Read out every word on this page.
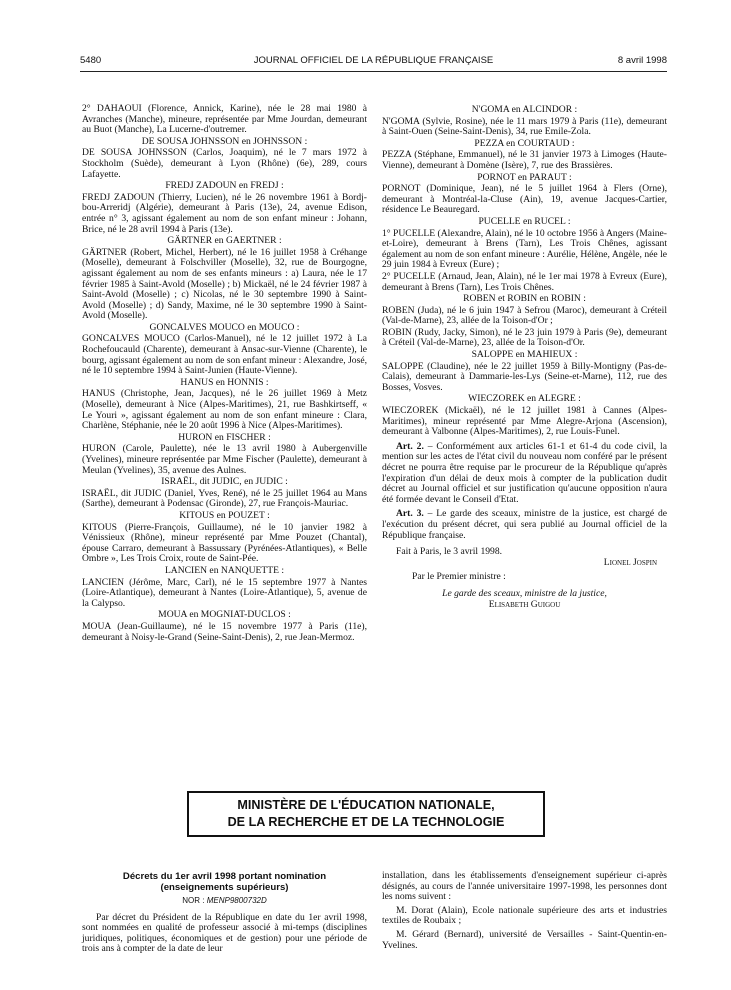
5480	JOURNAL OFFICIEL DE LA RÉPUBLIQUE FRANÇAISE	8 avril 1998

2° DAHAOUI (Florence, Annick, Karine), née le 28 mai 1980 à Avranches (Manche), mineure, représentée par Mme Jourdan, demeurant au Buot (Manche), La Lucerne-d'outremer.

DE SOUSA JOHNSSON en JOHNSSON :

DE SOUSA JOHNSSON (Carlos, Joaquim), né le 7 mars 1972 à Stockholm (Suède), demeurant à Lyon (Rhône) (6e), 289, cours Lafayette.

FREDJ ZADOUN en FREDJ :

FREDJ ZADOUN (Thierry, Lucien), né le 26 novembre 1961 à Bordj-bou-Arreridj (Algérie), demeurant à Paris (13e), 24, avenue Edison, entrée n° 3, agissant également au nom de son enfant mineur : Johann, Brice, né le 28 avril 1994 à Paris (13e).

GÄRTNER en GAERTNER :

GÄRTNER (Robert, Michel, Herbert), né le 16 juillet 1958 à Créhange (Moselle), demeurant à Folschviller (Moselle), 32, rue de Bourgogne, agissant également au nom de ses enfants mineurs : a) Laura, née le 17 février 1985 à Saint-Avold (Moselle) ; b) Mickaël, né le 24 février 1987 à Saint-Avold (Moselle) ; c) Nicolas, né le 30 septembre 1990 à Saint-Avold (Moselle) ; d) Sandy, Maxime, né le 30 septembre 1990 à Saint-Avold (Moselle).

GONCALVES MOUCO en MOUCO :

GONCALVES MOUCO (Carlos-Manuel), né le 12 juillet 1972 à La Rochefoucauld (Charente), demeurant à Ansac-sur-Vienne (Charente), le bourg, agissant également au nom de son enfant mineur : Alexandre, José, né le 10 septembre 1994 à Saint-Junien (Haute-Vienne).

HANUS en HONNIS :

HANUS (Christophe, Jean, Jacques), né le 26 juillet 1969 à Metz (Moselle), demeurant à Nice (Alpes-Maritimes), 21, rue Bashkirtseff, « Le Youri », agissant également au nom de son enfant mineure : Clara, Charlène, Stéphanie, née le 20 août 1996 à Nice (Alpes-Maritimes).

HURON en FISCHER :

HURON (Carole, Paulette), née le 13 avril 1980 à Aubergenville (Yvelines), mineure représentée par Mme Fischer (Paulette), demeurant à Meulan (Yvelines), 35, avenue des Aulnes.

ISRAËL, dit JUDIC, en JUDIC :

ISRAËL, dit JUDIC (Daniel, Yves, René), né le 25 juillet 1964 au Mans (Sarthe), demeurant à Podensac (Gironde), 27, rue François-Mauriac.

KITOUS en POUZET :

KITOUS (Pierre-François, Guillaume), né le 10 janvier 1982 à Vénissieux (Rhône), mineur représenté par Mme Pouzet (Chantal), épouse Carraro, demeurant à Bassussary (Pyrénées-Atlantiques), « Belle Ombre », Les Trois Croix, route de Saint-Pée.

LANCIEN en NANQUETTE :

LANCIEN (Jérôme, Marc, Carl), né le 15 septembre 1977 à Nantes (Loire-Atlantique), demeurant à Nantes (Loire-Atlantique), 5, avenue de la Calypso.

MOUA en MOGNIAT-DUCLOS :

MOUA (Jean-Guillaume), né le 15 novembre 1977 à Paris (11e), demeurant à Noisy-le-Grand (Seine-Saint-Denis), 2, rue Jean-Mermoz.

N'GOMA en ALCINDOR :

N'GOMA (Sylvie, Rosine), née le 11 mars 1979 à Paris (11e), demeurant à Saint-Ouen (Seine-Saint-Denis), 34, rue Emile-Zola.

PEZZA en COURTAUD :

PEZZA (Stéphane, Emmanuel), né le 31 janvier 1973 à Limoges (Haute-Vienne), demeurant à Domène (Isère), 7, rue des Brassières.

PORNOT en PARAUT :

PORNOT (Dominique, Jean), né le 5 juillet 1964 à Flers (Orne), demeurant à Montréal-la-Cluse (Ain), 19, avenue Jacques-Cartier, résidence Le Beauregard.

PUCELLE en RUCEL :

1° PUCELLE (Alexandre, Alain), né le 10 octobre 1956 à Angers (Maine-et-Loire), demeurant à Brens (Tarn), Les Trois Chênes, agissant également au nom de son enfant mineure : Aurélie, Hélène, Angèle, née le 29 juin 1984 à Evreux (Eure) ;

2° PUCELLE (Arnaud, Jean, Alain), né le 1er mai 1978 à Evreux (Eure), demeurant à Brens (Tarn), Les Trois Chênes.

ROBEN et ROBIN en ROBIN :

ROBEN (Juda), né le 6 juin 1947 à Sefrou (Maroc), demeurant à Créteil (Val-de-Marne), 23, allée de la Toison-d'Or ;

ROBIN (Rudy, Jacky, Simon), né le 23 juin 1979 à Paris (9e), demeurant à Créteil (Val-de-Marne), 23, allée de la Toison-d'Or.

SALOPPE en MAHIEUX :

SALOPPE (Claudine), née le 22 juillet 1959 à Billy-Montigny (Pas-de-Calais), demeurant à Dammarie-les-Lys (Seine-et-Marne), 112, rue des Bosses, Vosves.

WIECZOREK en ALEGRE :

WIECZOREK (Mickaël), né le 12 juillet 1981 à Cannes (Alpes-Maritimes), mineur représenté par Mme Alegre-Arjona (Ascension), demeurant à Valbonne (Alpes-Maritimes), 2, rue Louis-Funel.

Art. 2. – Conformément aux articles 61-1 et 61-4 du code civil, la mention sur les actes de l'état civil du nouveau nom conféré par le présent décret ne pourra être requise par le procureur de la République qu'après l'expiration d'un délai de deux mois à compter de la publication dudit décret au Journal officiel et sur justification qu'aucune opposition n'aura été formée devant le Conseil d'Etat.

Art. 3. – Le garde des sceaux, ministre de la justice, est chargé de l'exécution du présent décret, qui sera publié au Journal officiel de la République française.

Fait à Paris, le 3 avril 1998.

Lionel Jospin

Par le Premier ministre :

Le garde des sceaux, ministre de la justice,
Elisabeth Guigou

MINISTÈRE DE L'ÉDUCATION NATIONALE,
DE LA RECHERCHE ET DE LA TECHNOLOGIE
Décrets du 1er avril 1998 portant nomination
(enseignements supérieurs)
NOR : MENP9800732D

Par décret du Président de la République en date du 1er avril 1998, sont nommées en qualité de professeur associé à mi-temps (disciplines juridiques, politiques, économiques et de gestion) pour une période de trois ans à compter de la date de leur

installation, dans les établissements d'enseignement supérieur ci-après désignés, au cours de l'année universitaire 1997-1998, les personnes dont les noms suivent :

M. Dorat (Alain), Ecole nationale supérieure des arts et industries textiles de Roubaix ;

M. Gérard (Bernard), université de Versailles - Saint-Quentin-en-Yvelines.
